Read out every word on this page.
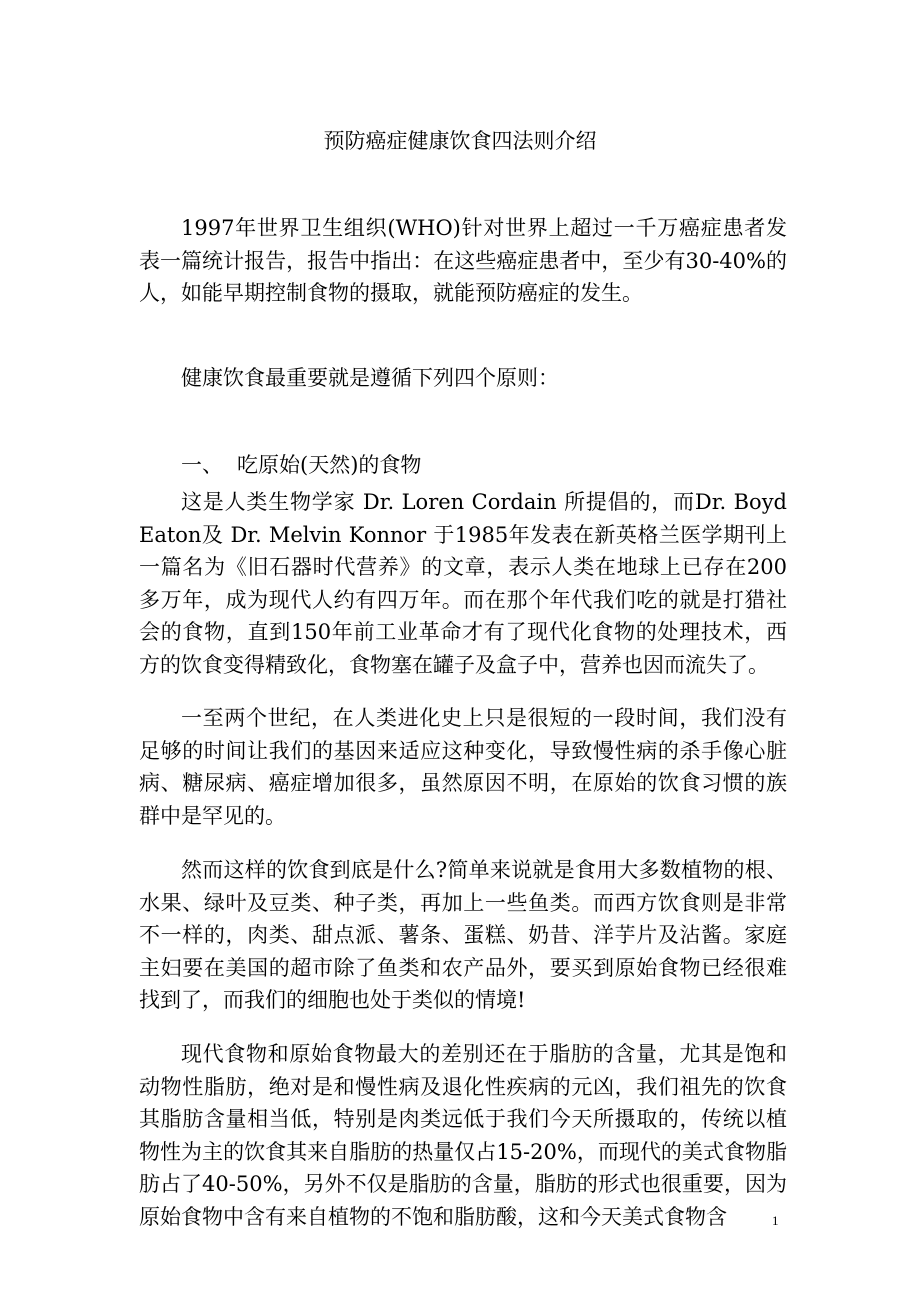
预防癌症健康饮食四法则介绍

1997年世界卫生组织(WHO)针对世界上超过一千万癌症患者发表一篇统计报告，报告中指出：在这些癌症患者中，至少有30-40%的人，如能早期控制食物的摄取，就能预防癌症的发生。

健康饮食最重要就是遵循下列四个原则：

一、 吃原始(天然)的食物

这是人类生物学家 Dr. Loren Cordain 所提倡的，而Dr. Boyd Eaton及 Dr. Melvin Konnor 于1985年发表在新英格兰医学期刊上一篇名为《旧石器时代营养》的文章，表示人类在地球上已存在200多万年，成为现代人约有四万年。而在那个年代我们吃的就是打猎社会的食物，直到150年前工业革命才有了现代化食物的处理技术，西方的饮食变得精致化，食物塞在罐子及盒子中，营养也因而流失了。

一至两个世纪，在人类进化史上只是很短的一段时间，我们没有足够的时间让我们的基因来适应这种变化，导致慢性病的杀手像心脏病、糖尿病、癌症增加很多，虽然原因不明，在原始的饮食习惯的族群中是罕见的。

然而这样的饮食到底是什么?简单来说就是食用大多数植物的根、水果、绿叶及豆类、种子类，再加上一些鱼类。而西方饮食则是非常不一样的，肉类、甜点派、薯条、蛋糕、奶昔、洋芋片及沾酱。家庭主妇要在美国的超市除了鱼类和农产品外，要买到原始食物已经很难找到了，而我们的细胞也处于类似的情境!

现代食物和原始食物最大的差别还在于脂肪的含量，尤其是饱和动物性脂肪，绝对是和慢性病及退化性疾病的元凶，我们祖先的饮食其脂肪含量相当低，特别是肉类远低于我们今天所摄取的，传统以植物性为主的饮食其来自脂肪的热量仅占15-20%，而现代的美式食物脂肪占了40-50%，另外不仅是脂肪的含量，脂肪的形式也很重要，因为原始食物中含有来自植物的不饱和脂肪酸，这和今天美式食物含	1
